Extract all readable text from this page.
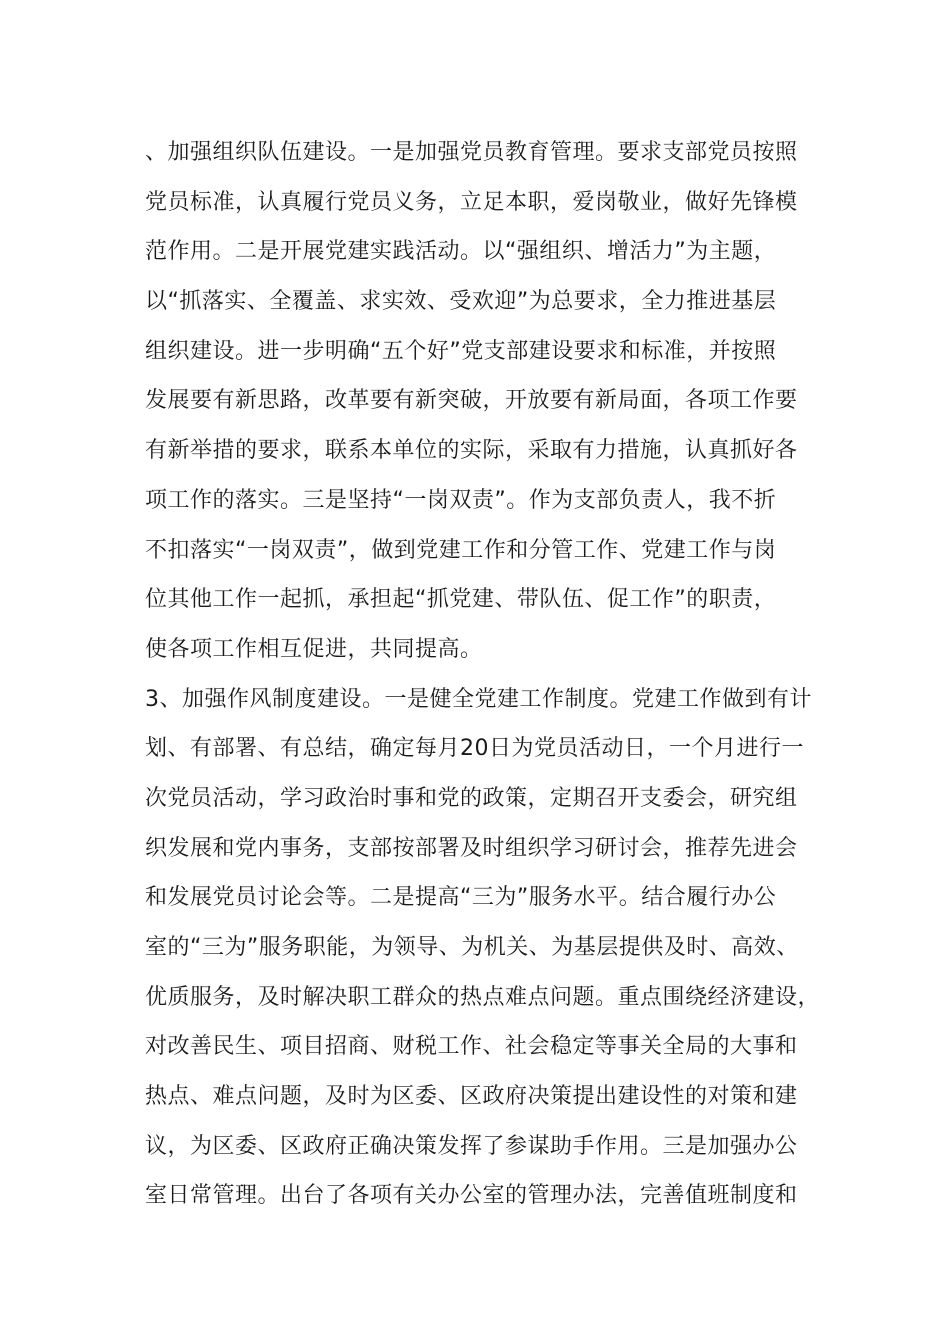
、加强组织队伍建设。一是加强党员教育管理。要求支部党员按照
党员标准，认真履行党员义务，立足本职，爱岗敬业，做好先锋模
范作用。二是开展党建实践活动。以“强组织、增活力”为主题，
以“抓落实、全覆盖、求实效、受欢迎”为总要求，全力推进基层
组织建设。进一步明确“五个好”党支部建设要求和标准，并按照
发展要有新思路，改革要有新突破，开放要有新局面，各项工作要
有新举措的要求，联系本单位的实际，采取有力措施，认真抓好各
项工作的落实。三是坚持“一岗双责”。作为支部负责人，我不折
不扣落实“一岗双责”，做到党建工作和分管工作、党建工作与岗
位其他工作一起抓，承担起“抓党建、带队伍、促工作”的职责，
使各项工作相互促进，共同提高。
3、加强作风制度建设。一是健全党建工作制度。党建工作做到有计
划、有部署、有总结，确定每月20日为党员活动日，一个月进行一
次党员活动，学习政治时事和党的政策，定期召开支委会，研究组
织发展和党内事务，支部按部署及时组织学习研讨会，推荐先进会
和发展党员讨论会等。二是提高“三为”服务水平。结合履行办公
室的“三为”服务职能，为领导、为机关、为基层提供及时、高效、
优质服务，及时解决职工群众的热点难点问题。重点围绕经济建设，
对改善民生、项目招商、财税工作、社会稳定等事关全局的大事和
热点、难点问题，及时为区委、区政府决策提出建设性的对策和建
议，为区委、区政府正确决策发挥了参谋助手作用。三是加强办公
室日常管理。出台了各项有关办公室的管理办法，完善值班制度和
